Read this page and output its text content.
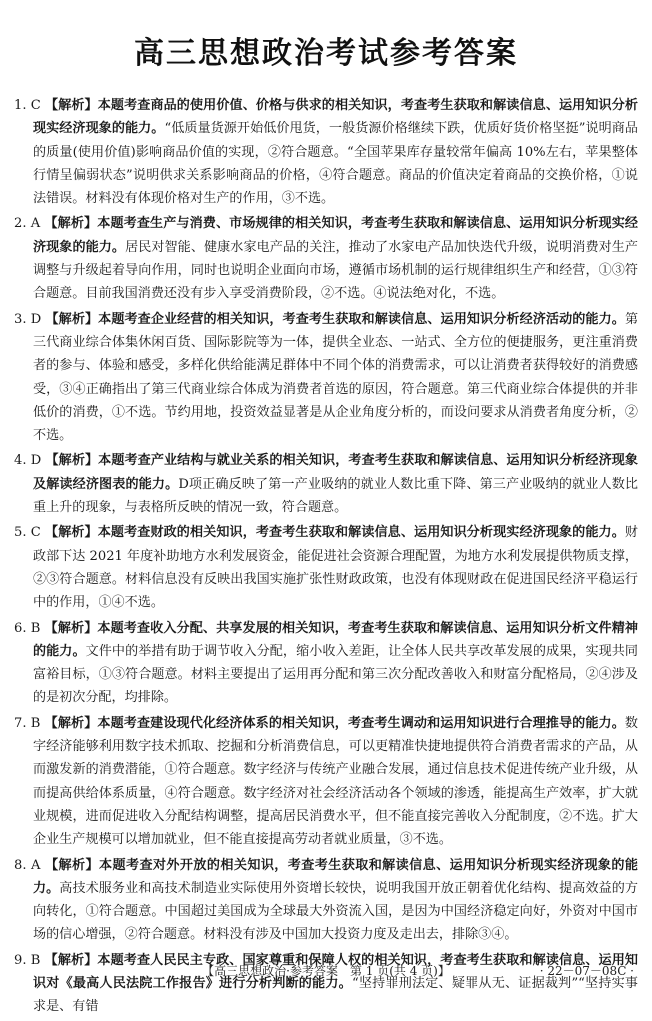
高三思想政治考试参考答案

1. C 【解析】本题考查商品的使用价值、价格与供求的相关知识，考查考生获取和解读信息、运用知识分析现实经济现象的能力。“低质量货源开始低价甩货，一般货源价格继续下跌，优质好货价格坚挺”说明商品的质量(使用价值)影响商品价值的实现，②符合题意。“全国苹果库存量较常年偏高 10%左右，苹果整体行情呈偏弱状态”说明供求关系影响商品的价格，④符合题意。商品的价值决定着商品的交换价格，①说法错误。材料没有体现价格对生产的作用，③不选。

2. A 【解析】本题考查生产与消费、市场规律的相关知识，考查考生获取和解读信息、运用知识分析现实经济现象的能力。居民对智能、健康水家电产品的关注，推动了水家电产品加快迭代升级，说明消费对生产调整与升级起着导向作用，同时也说明企业面向市场，遵循市场机制的运行规律组织生产和经营，①③符合题意。目前我国消费还没有步入享受消费阶段，②不选。④说法绝对化，不选。

3. D 【解析】本题考查企业经营的相关知识，考查考生获取和解读信息、运用知识分析经济活动的能力。第三代商业综合体集休闲百货、国际影院等为一体，提供全业态、一站式、全方位的便捷服务，更注重消费者的参与、体验和感受，多样化供给能满足群体中不同个体的消费需求，可以让消费者获得较好的消费感受，③④正确指出了第三代商业综合体成为消费者首选的原因，符合题意。第三代商业综合体提供的并非低价的消费，①不选。节约用地，投资效益显著是从企业角度分析的，而设问要求从消费者角度分析，②不选。

4. D 【解析】本题考查产业结构与就业关系的相关知识，考查考生获取和解读信息、运用知识分析经济现象及解读经济图表的能力。D项正确反映了第一产业吸纳的就业人数比重下降、第三产业吸纳的就业人数比重上升的现象，与表格所反映的情况一致，符合题意。

5. C 【解析】本题考查财政的相关知识，考查考生获取和解读信息、运用知识分析现实经济现象的能力。财政部下达 2021 年度补助地方水利发展资金，能促进社会资源合理配置，为地方水利发展提供物质支撑，②③符合题意。材料信息没有反映出我国实施扩张性财政政策，也没有体现财政在促进国民经济平稳运行中的作用，①④不选。

6. B 【解析】本题考查收入分配、共享发展的相关知识，考查考生获取和解读信息、运用知识分析文件精神的能力。文件中的举措有助于调节收入分配，缩小收入差距，让全体人民共享改革发展的成果，实现共同富裕目标，①③符合题意。材料主要提出了运用再分配和第三次分配改善收入和财富分配格局，②④涉及的是初次分配，均排除。

7. B 【解析】本题考查建设现代化经济体系的相关知识，考查考生调动和运用知识进行合理推导的能力。数字经济能够利用数字技术抓取、挖掘和分析消费信息，可以更精准快捷地提供符合消费者需求的产品，从而激发新的消费潜能，①符合题意。数字经济与传统产业融合发展，通过信息技术促进传统产业升级，从而提高供给体系质量，④符合题意。数字经济对社会经济活动各个领域的渗透，能提高生产效率，扩大就业规模，进而促进收入分配结构调整，提高居民消费水平，但不能直接完善收入分配制度，②不选。扩大企业生产规模可以增加就业，但不能直接提高劳动者就业质量，③不选。

8. A 【解析】本题考查对外开放的相关知识，考查考生获取和解读信息、运用知识分析现实经济现象的能力。高技术服务业和高技术制造业实际使用外资增长较快，说明我国开放正朝着优化结构、提高效益的方向转化，①符合题意。中国超过美国成为全球最大外资流入国，是因为中国经济稳定向好，外资对中国市场的信心增强，②符合题意。材料没有涉及中国加大投资力度及走出去，排除③④。

9. B 【解析】本题考查人民民主专政、国家尊重和保障人权的相关知识，考查考生获取和解读信息、运用知识对《最高人民法院工作报告》进行分析判断的能力。“坚持罪刑法定、疑罪从无、证据裁判”“坚持实事求是、有错

【高三思想政治·参考答案　第 1 页(共 4 页)】	· 22－07－08C ·
